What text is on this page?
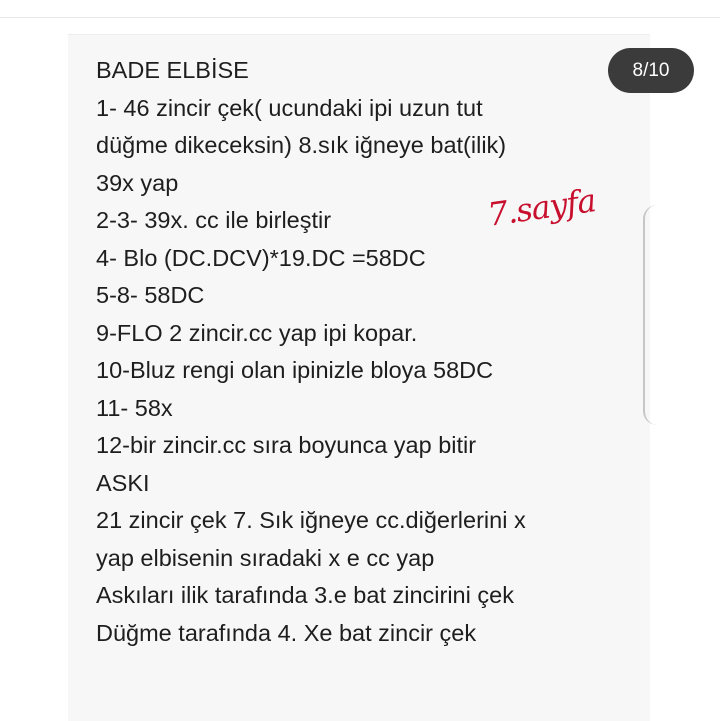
BADE ELBİSE
1- 46 zincir çek( ucundaki ipi uzun tut
düğme dikeceksin) 8.sık iğneye bat(ilik)
39x yap
2-3- 39x. cc ile birleştir
4- Blo (DC.DCV)*19.DC =58DC
5-8- 58DC
9-FLO 2 zincir.cc yap ipi kopar.
10-Bluz rengi olan ipinizle bloya 58DC
11- 58x
12-bir zincir.cc sıra boyunca yap bitir
ASKI
21 zincir çek 7. Sık iğneye cc.diğerlerini x
yap elbisenin sıradaki x e cc yap
Askıları ilik tarafında 3.e bat zincirini çek
Düğme tarafında 4. Xe bat zincir çek
7.sayfa
8/10
